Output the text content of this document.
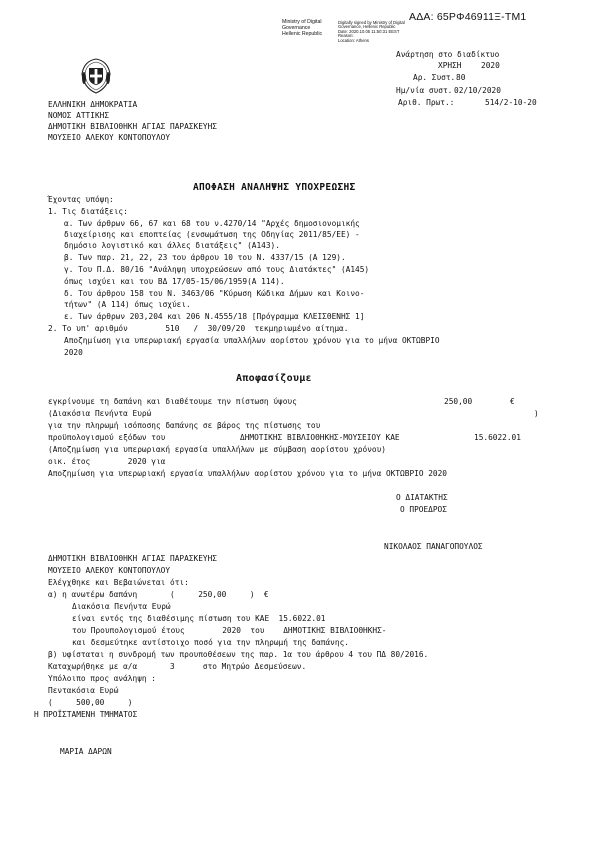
ΑΔΑ: 65ΡΦ46911Ξ-ΤΜ1
Ministry of Digital
Governance
Hellenic Republic
Digitally signed by Ministry of Digital Governance, Hellenic Republic
Date: 2020.10.05 11:50:31 EEST
Reason:
Location: Athens
Ανάρτηση στο διαδίκτυο
ΧΡΗΣΗ	2020
Αρ. Συστ. 80
Ημ/νία συστ. 02/10/2020
Αριθ. Πρωτ.:	514/2-10-20
ΕΛΛΗΝΙΚΗ ΔΗΜΟΚΡΑΤΙΑ
ΝΟΜΟΣ ΑΤΤΙΚΗΣ
ΔΗΜΟΤΙΚΗ ΒΙΒΛΙΟΘΗΚΗ ΑΓΙΑΣ ΠΑΡΑΣΚΕΥΗΣ
ΜΟΥΣΕΙΟ ΑΛΕΚΟΥ ΚΟΝΤΟΠΟΥΛΟΥ
ΑΠΟΦΑΣΗ ΑΝΑΛΗΨΗΣ ΥΠΟΧΡΕΩΣΗΣ
Έχοντας υπόψη:
1. Τις διατάξεις:
α. Των άρθρων 66, 67 και 68 του ν.4270/14 "Αρχές δημοσιονομικής
διαχείρισης και εποπτείας (ενσωμάτωση της Οδηγίας 2011/85/ΕΕ) -
δημόσιο λογιστικό και άλλες διατάξεις" (Α143).
β. Των παρ. 21, 22, 23 του άρθρου 10 του Ν. 4337/15 (Α 129).
γ. Του Π.Δ. 80/16 "Ανάληψη υποχρεώσεων από τους Διατάκτες" (Α145)
όπως ισχύει και του ΒΔ 17/05-15/06/1959(Α 114).
δ. Του άρθρου 158 του Ν. 3463/06 "Κύρωση Κώδικα Δήμων και Κοινο-
τήτων" (Α 114) όπως ισχύει.
ε. Των άρθρων 203,204 και 206 Ν.4555/18 [Πρόγραμμα ΚΛΕΙΣΘΕΝΗΣ 1]
2. Το υπ' αριθμόν        510   /  30/09/20  τεκμηριωμένο αίτημα.
Αποζημίωση για υπερωριακή εργασία υπαλλήλων αορίστου χρόνου για το μήνα ΟΚΤΩΒΡΙΟ
2020
Αποφασίζουμε
εγκρίνουμε τη δαπάνη και διαθέτουμε την πίστωση ύψους	250,00	€
(Διακόσια Πενήντα Ευρώ	)
για την πληρωμή ισόποσης δαπάνης σε βάρος της πίστωσης του
προϋπολογισμού εξόδων του	ΔΗΜΟΤΙΚΗΣ ΒΙΒΛΙΟΘΗΚΗΣ-ΜΟΥΣΕΙΟΥ ΚΑΕ	15.6022.01
(Αποζημίωση για υπερωριακή εργασία υπαλλήλων με σύμβαση αορίστου χρόνου)
οικ. έτος        2020 για
Αποζημίωση για υπερωριακή εργασία υπαλλήλων αορίστου χρόνου για το μήνα ΟΚΤΩΒΡΙΟ 2020
Ο ΔΙΑΤΑΚΤΗΣ
Ο ΠΡΟΕΔΡΟΣ
ΝΙΚΟΛΑΟΣ ΠΑΝΑΓΟΠΟΥΛΟΣ
ΔΗΜΟΤΙΚΗ ΒΙΒΛΙΟΘΗΚΗ ΑΓΙΑΣ ΠΑΡΑΣΚΕΥΗΣ
ΜΟΥΣΕΙΟ ΑΛΕΚΟΥ ΚΟΝΤΟΠΟΥΛΟΥ
Ελέγχθηκε και Βεβαιώνεται ότι:
α) η ανωτέρω δαπάνη       (     250,00     )  €
Διακόσια Πενήντα Ευρώ
είναι εντός της διαθέσιμης πίστωση του ΚΑΕ  15.6022.01
του Προυπολογισμού έτους        2020  του    ΔΗΜΟΤΙΚΗΣ ΒΙΒΛΙΟΘΗΚΗΣ-
και δεσμεύτηκε αντίστοιχο ποσό για την πληρωμή της δαπάνης.
β) υφίσταται η συνδρομή των προυποθέσεων της παρ. 1α του άρθρου 4 του ΠΔ 80/2016.
Καταχωρήθηκε με α/α       3      στο Μητρώο Δεσμεύσεων.
Υπόλοιπο προς ανάληψη :
Πεντακόσια Ευρώ
(     500,00     )
Η ΠΡΟΪΣΤΑΜΕΝΗ ΤΜΗΜΑΤΟΣ
ΜΑΡΙΑ ΔΑΡΩΝ
